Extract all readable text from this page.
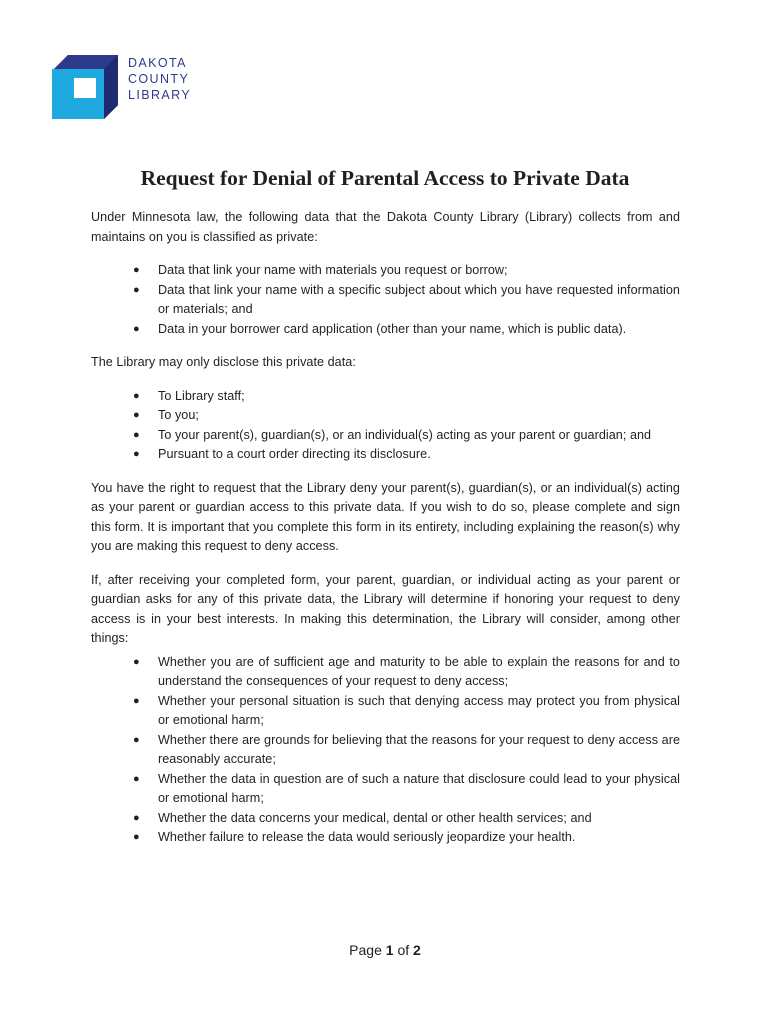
DAKOTA
COUNTY
LIBRARY
Request for Denial of Parental Access to Private Data

Under Minnesota law, the following data that the Dakota County Library (Library) collects from and maintains on you is classified as private:

● Data that link your name with materials you request or borrow;
● Data that link your name with a specific subject about which you have requested information or materials; and
● Data in your borrower card application (other than your name, which is public data).

The Library may only disclose this private data:

● To Library staff;
● To you;
● To your parent(s), guardian(s), or an individual(s) acting as your parent or guardian; and
● Pursuant to a court order directing its disclosure.

You have the right to request that the Library deny your parent(s), guardian(s), or an individual(s) acting as your parent or guardian access to this private data. If you wish to do so, please complete and sign this form. It is important that you complete this form in its entirety, including explaining the reason(s) why you are making this request to deny access.

If, after receiving your completed form, your parent, guardian, or individual acting as your parent or guardian asks for any of this private data, the Library will determine if honoring your request to deny access is in your best interests. In making this determination, the Library will consider, among other things:

● Whether you are of sufficient age and maturity to be able to explain the reasons for and to understand the consequences of your request to deny access;
● Whether your personal situation is such that denying access may protect you from physical or emotional harm;
● Whether there are grounds for believing that the reasons for your request to deny access are reasonably accurate;
● Whether the data in question are of such a nature that disclosure could lead to your physical or emotional harm;
● Whether the data concerns your medical, dental or other health services; and
● Whether failure to release the data would seriously jeopardize your health.
Page 1 of 2
